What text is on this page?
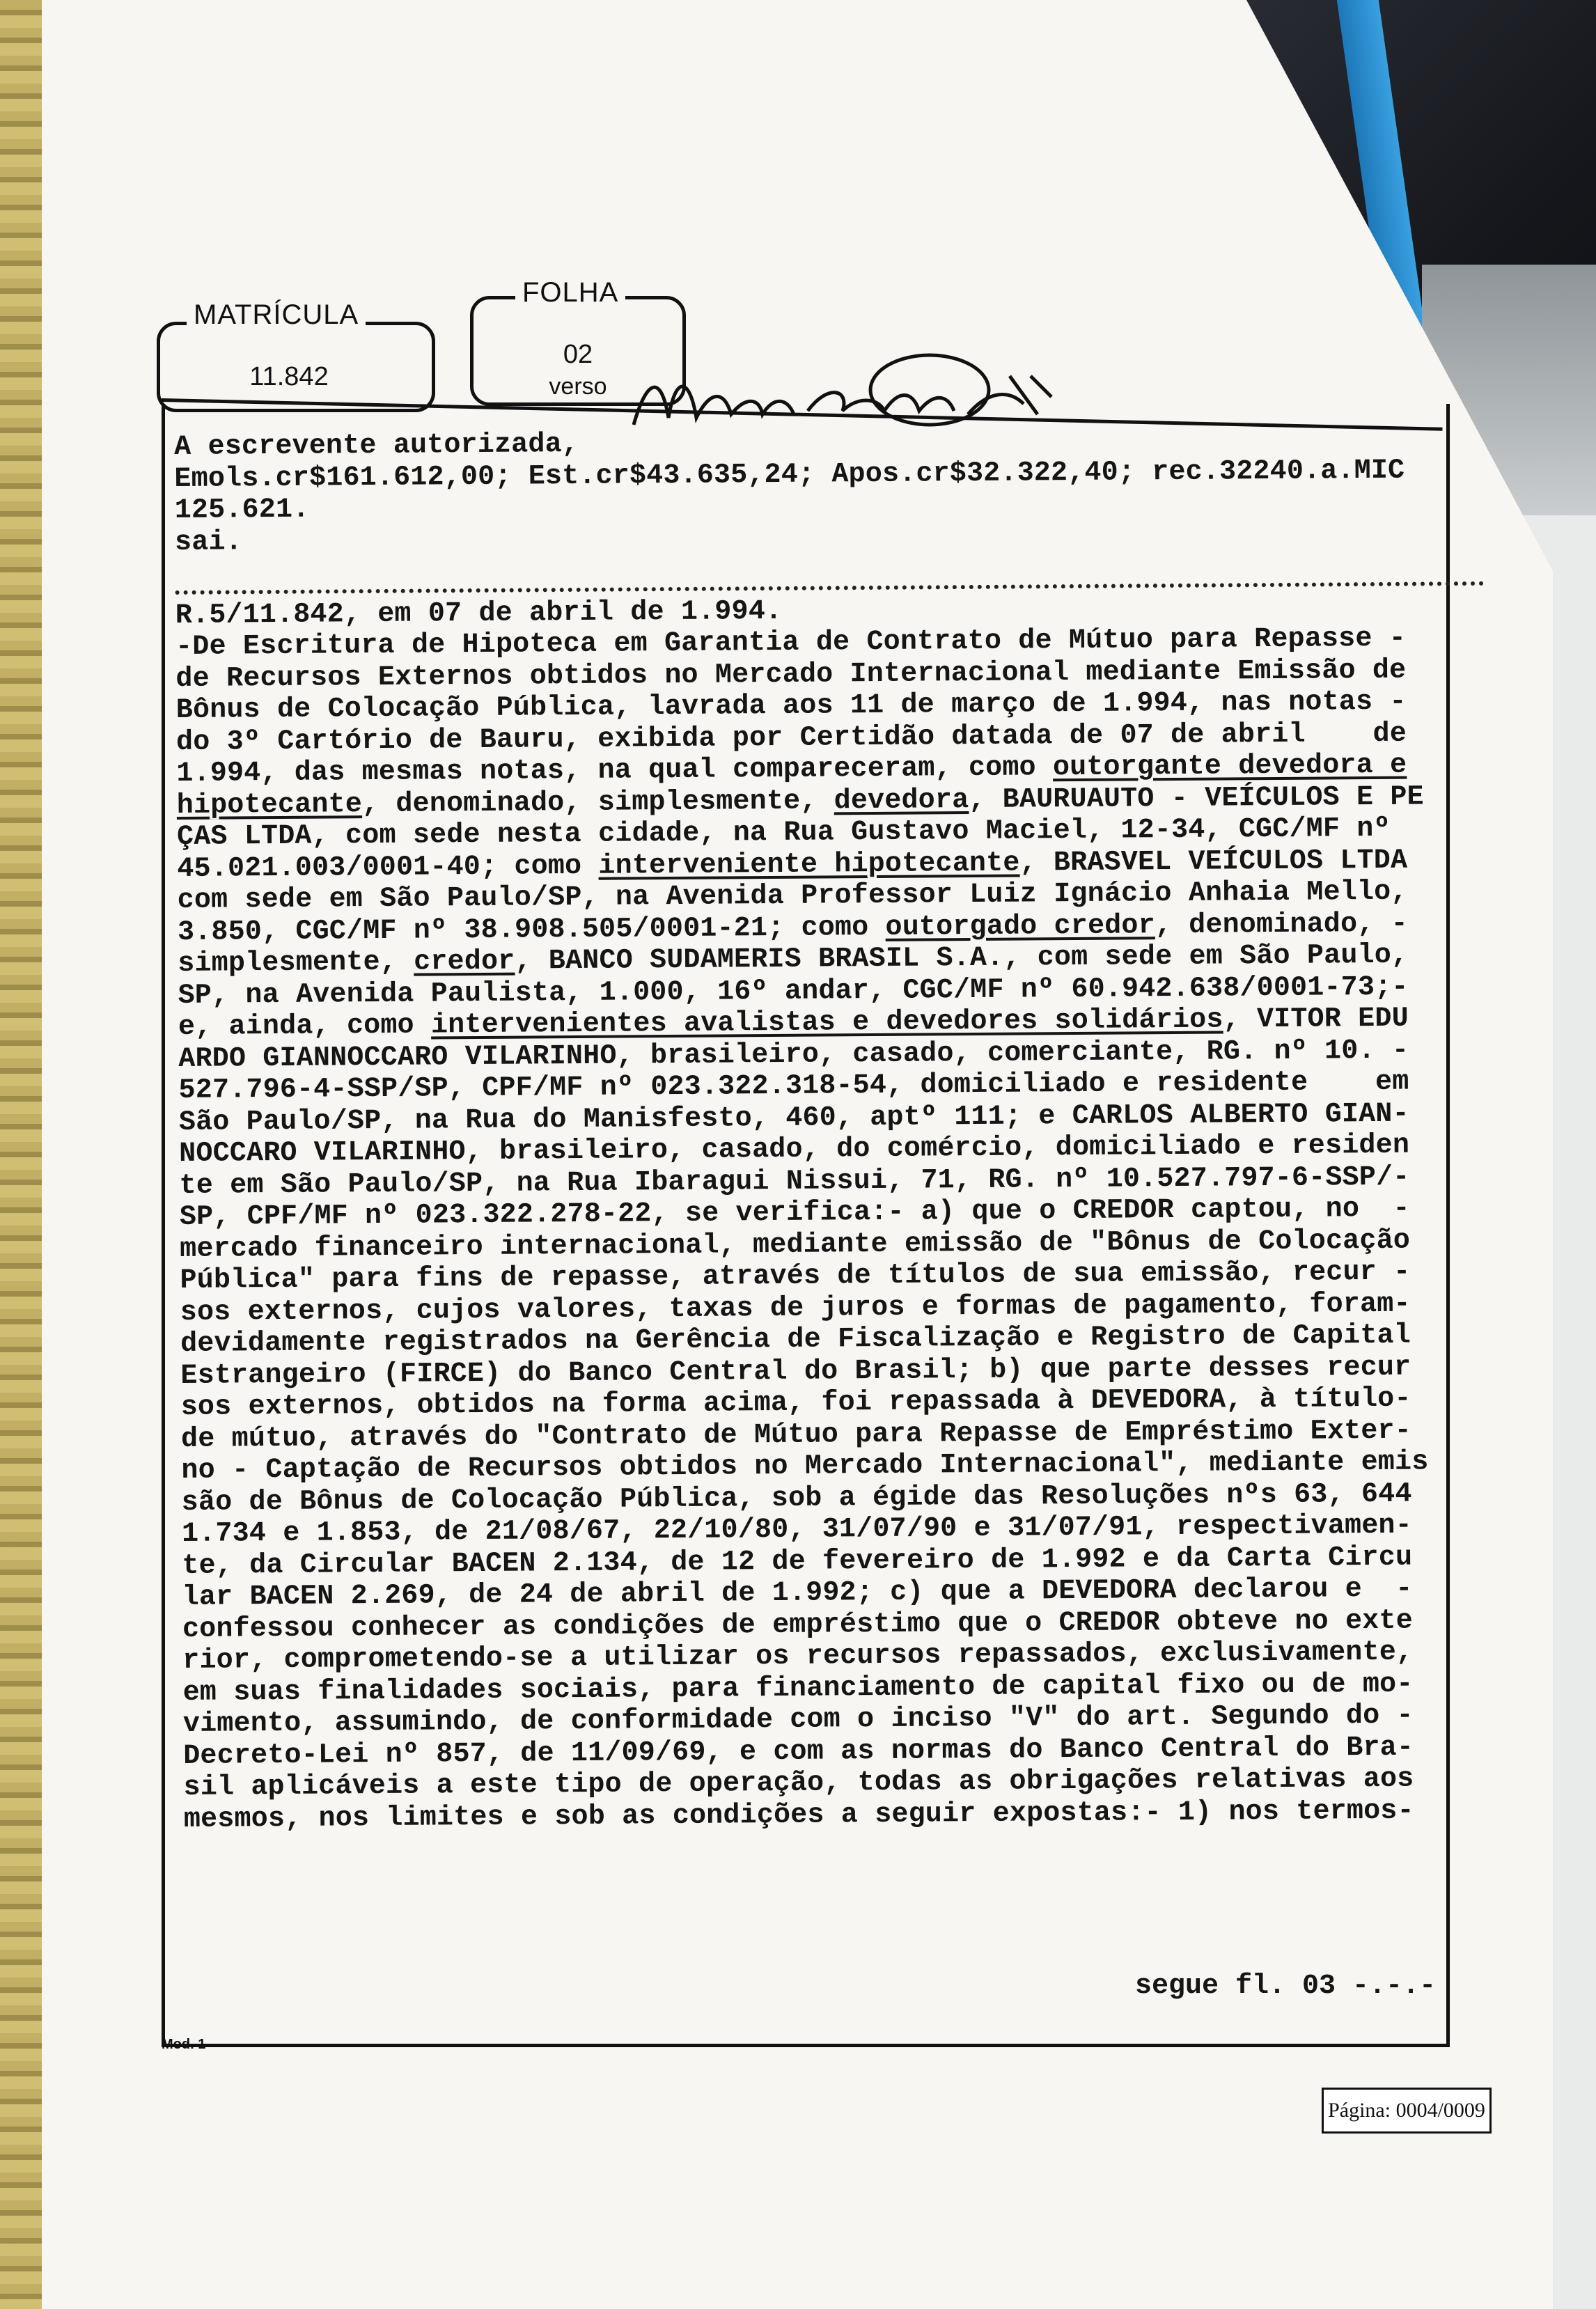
MATRÍCULA
11.842
FOLHA
02
verso
A escrevente autorizada,
Emols.cr$161.612,00; Est.cr$43.635,24; Apos.cr$32.322,40; rec.32240.a.MIC
125.621.
sai.
R.5/11.842, em 07 de abril de 1.994.
-De Escritura de Hipoteca em Garantia de Contrato de Mútuo para Repasse -
de Recursos Externos obtidos no Mercado Internacional mediante Emissão de
Bônus de Colocação Pública, lavrada aos 11 de março de 1.994, nas notas -
do 3º Cartório de Bauru, exibida por Certidão datada de 07 de abril    de
1.994, das mesmas notas, na qual compareceram, como outorgante devedora e
hipotecante, denominado, simplesmente, devedora, BAURUAUTO - VEÍCULOS E PE
ÇAS LTDA, com sede nesta cidade, na Rua Gustavo Maciel, 12-34, CGC/MF nº
45.021.003/0001-40; como interveniente hipotecante, BRASVEL VEÍCULOS LTDA
com sede em São Paulo/SP, na Avenida Professor Luiz Ignácio Anhaia Mello,
3.850, CGC/MF nº 38.908.505/0001-21; como outorgado credor, denominado, -
simplesmente, credor, BANCO SUDAMERIS BRASIL S.A., com sede em São Paulo,
SP, na Avenida Paulista, 1.000, 16º andar, CGC/MF nº 60.942.638/0001-73;-
e, ainda, como intervenientes avalistas e devedores solidários, VITOR EDU
ARDO GIANNOCCARO VILARINHO, brasileiro, casado, comerciante, RG. nº 10. -
527.796-4-SSP/SP, CPF/MF nº 023.322.318-54, domiciliado e residente    em
São Paulo/SP, na Rua do Manisfesto, 460, aptº 111; e CARLOS ALBERTO GIAN-
NOCCARO VILARINHO, brasileiro, casado, do comércio, domiciliado e residen
te em São Paulo/SP, na Rua Ibaragui Nissui, 71, RG. nº 10.527.797-6-SSP/-
SP, CPF/MF nº 023.322.278-22, se verifica:- a) que o CREDOR captou, no  -
mercado financeiro internacional, mediante emissão de "Bônus de Colocação
Pública" para fins de repasse, através de títulos de sua emissão, recur -
sos externos, cujos valores, taxas de juros e formas de pagamento, foram-
devidamente registrados na Gerência de Fiscalização e Registro de Capital
Estrangeiro (FIRCE) do Banco Central do Brasil; b) que parte desses recur
sos externos, obtidos na forma acima, foi repassada à DEVEDORA, à título-
de mútuo, através do "Contrato de Mútuo para Repasse de Empréstimo Exter-
no - Captação de Recursos obtidos no Mercado Internacional", mediante emis
são de Bônus de Colocação Pública, sob a égide das Resoluções nºs 63, 644
1.734 e 1.853, de 21/08/67, 22/10/80, 31/07/90 e 31/07/91, respectivamen-
te, da Circular BACEN 2.134, de 12 de fevereiro de 1.992 e da Carta Circu
lar BACEN 2.269, de 24 de abril de 1.992; c) que a DEVEDORA declarou e  -
confessou conhecer as condições de empréstimo que o CREDOR obteve no exte
rior, comprometendo-se a utilizar os recursos repassados, exclusivamente,
em suas finalidades sociais, para financiamento de capital fixo ou de mo-
vimento, assumindo, de conformidade com o inciso "V" do art. Segundo do -
Decreto-Lei nº 857, de 11/09/69, e com as normas do Banco Central do Bra-
sil aplicáveis a este tipo de operação, todas as obrigações relativas aos
mesmos, nos limites e sob as condições a seguir expostas:- 1) nos termos-
segue fl. 03 -.-.-
Mod. 1
Página: 0004/0009
